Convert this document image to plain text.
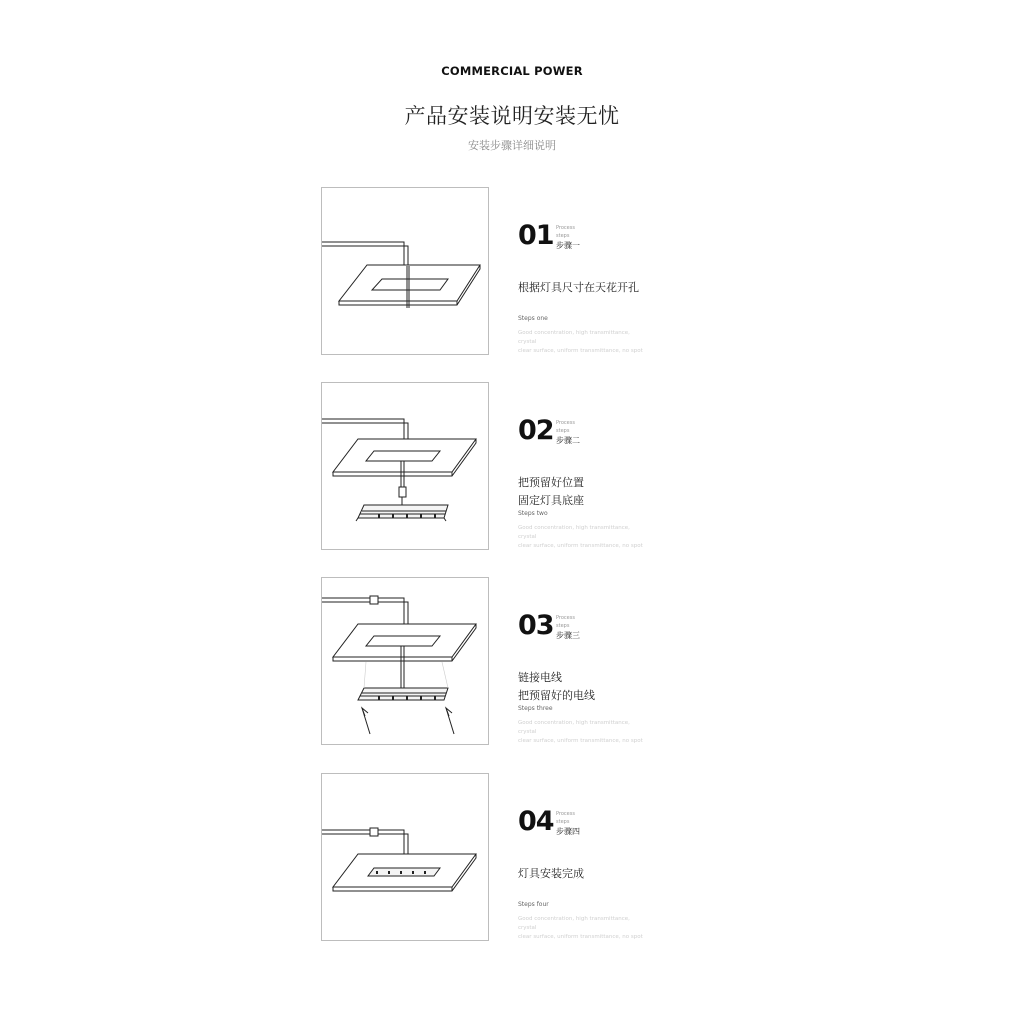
COMMERCIAL POWER
产品安装说明安装无忧
安装步骤详细说明
01 Process
steps
步骤一
根据灯具尺寸在天花开孔
Steps one
Good concentration, high transmittance, crystal
clear surface, uniform transmittance, no spot
02 Process
steps
步骤二
把预留好位置
固定灯具底座
Steps two
Good concentration, high transmittance, crystal
clear surface, uniform transmittance, no spot
03 Process
steps
步骤三
链接电线
把预留好的电线
Steps three
Good concentration, high transmittance, crystal
clear surface, uniform transmittance, no spot
04 Process
steps
步骤四
灯具安装完成
Steps four
Good concentration, high transmittance, crystal
clear surface, uniform transmittance, no spot
